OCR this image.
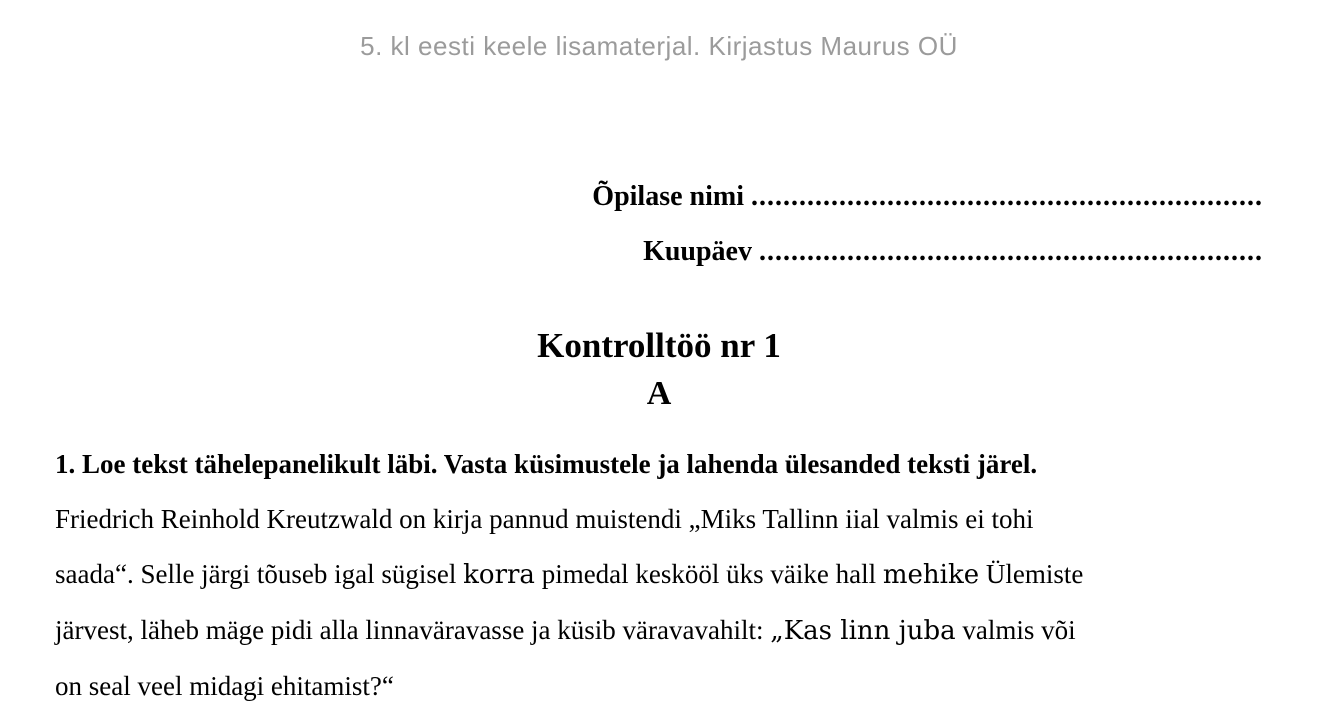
5. kl eesti keele lisamaterjal. Kirjastus Maurus OÜ
Õpilase nimi ................................................................
Kuupäev ...............................................................
Kontrolltöö nr 1
A
1. Loe tekst tähelepanelikult läbi. Vasta küsimustele ja lahenda ülesanded teksti järel.
Friedrich Reinhold Kreutzwald on kirja pannud muistendi „Miks Tallinn iial valmis ei tohi
saada“. Selle järgi tõuseb igal sügisel korra pimedal keskööl üks väike hall mehike Ülemiste
järvest, läheb mäge pidi alla linnaväravasse ja küsib väravavahilt: „Kas linn juba valmis või
on seal veel midagi ehitamist?“
